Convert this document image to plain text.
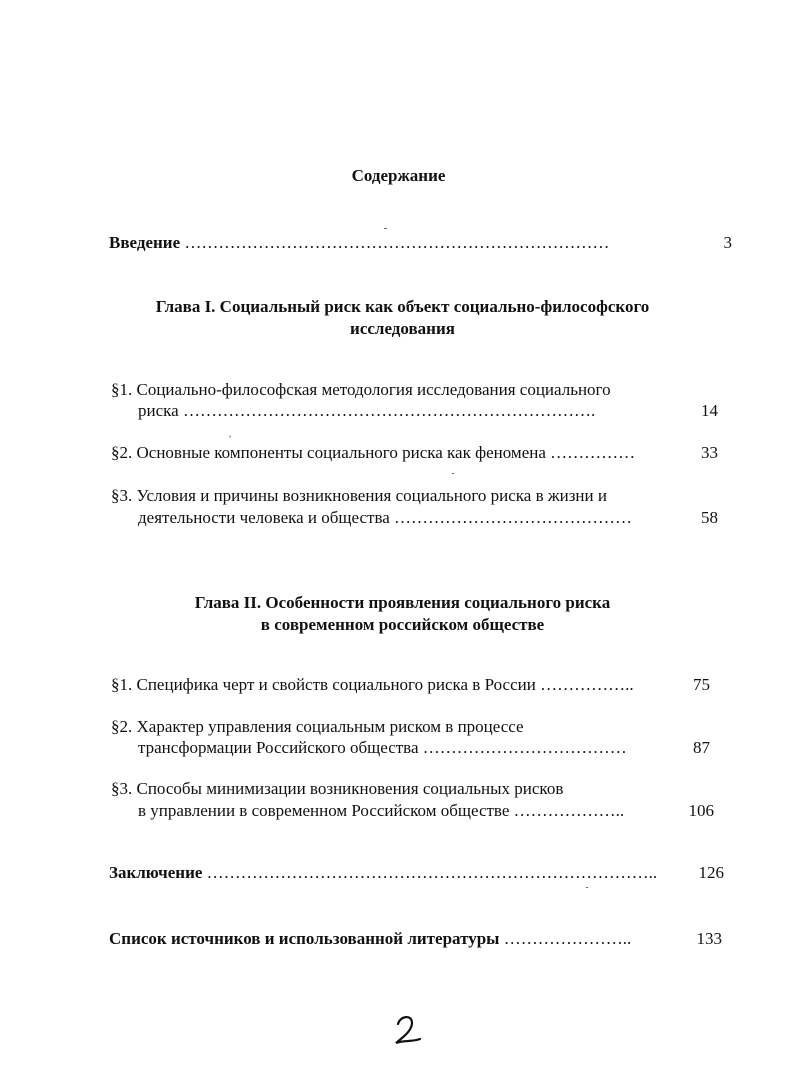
Содержание
Введение …………………………………………………………………	3
Глава I. Социальный риск как объект социально-философского
исследования
§1. Социально-философская методология исследования социального
риска ……………………………………………………………….	14
§2. Основные компоненты социального риска как феномена ……………	33
§3. Условия и причины возникновения социального риска в жизни и
деятельности человека и общества ……………………………………	58
Глава II. Особенности проявления социального риска
в современном российском обществе
§1. Специфика черт и свойств социального риска в России ……………..	75
§2. Характер управления социальным риском в процессе
трансформации Российского общества ………………………………	87
§3. Способы минимизации возникновения социальных рисков
в управлении в современном Российском обществе ………………..	106
Заключение ……………………………………………………………………..	126
Список источников и использованной литературы …………………..	133
2
